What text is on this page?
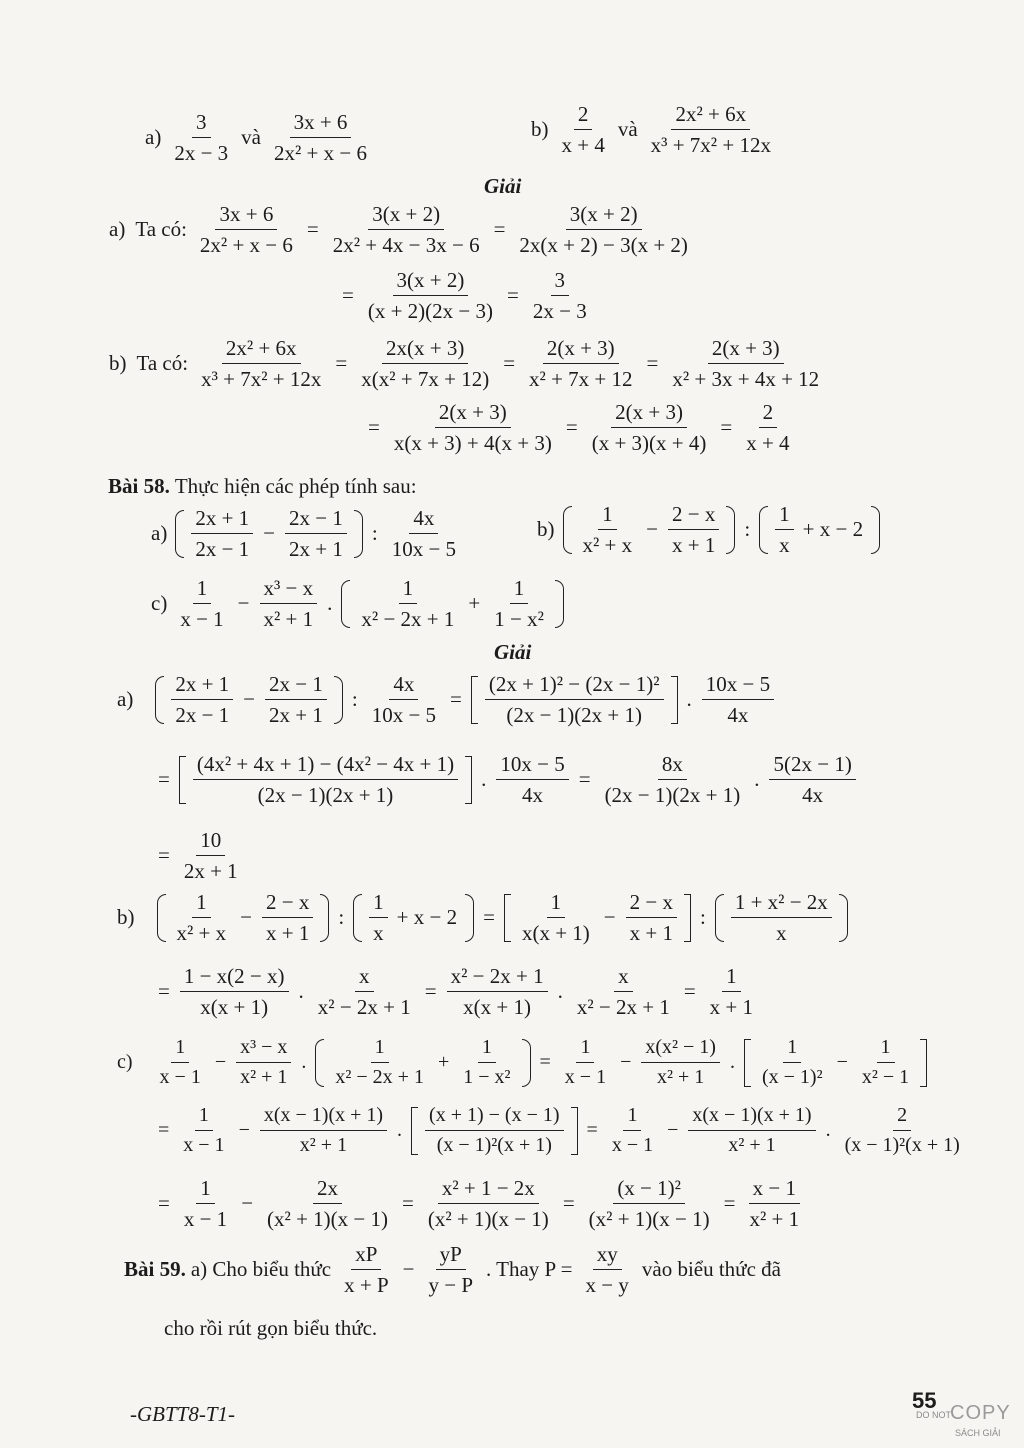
$a) \frac{3}{2x - 3}$ và $\frac{3x + 6}{\text{2x² + x − 6}}$	$b) \frac{2}{x + 4}$ và $\frac{\text{2x² + 6x}}{\text{x³ + 7x² + 12x}}$
Giải
a) Ta có: $\frac{3x + 6}{\text{2x² + x − 6}} = \frac{3(x + 2)}{\text{2x² + 4x − 3x − 6}} = \frac{3(x + 2)}{2x(x + 2) - 3(x + 2)}$
= $\frac{3(x + 2)}{(x + 2)(2x - 3)} = \frac{3}{2x - 3}$
b) Ta có: $\frac{\text{2x² + 6x}}{\text{x³ + 7x² + 12x}} = \frac{2x(x + 3)}{\text{x(x² + 7x + 12)}} = \frac{2(x + 3)}{\text{x² + 7x + 12}} = \frac{2(x + 3)}{\text{x² + 3x + 4x + 12}}$
= $\frac{2(x + 3)}{x(x + 3) + 4(x + 3)} = \frac{2(x + 3)}{(x + 3)(x + 4)} = \frac{2}{x + 4}$
Bài 58. Thực hiện các phép tính sau:
$a) \frac{2x + 1}{2x - 1} - \frac{2x - 1}{2x + 1}$ : $\frac{4x}{10x - 5}$	$b) \frac{1}{\text{x² + x}} - \frac{2 - x}{x + 1}$ : $\frac{1}{x} + x - 2$
$c) \frac{1}{x - 1} - \frac{\text{x³ − x}}{\text{x² + 1}}$ . $\frac{1}{\text{x² − 2x + 1}} + \frac{1}{\text{1 − x²}}$
Giải
$a) \frac{2x + 1}{2x - 1} - \frac{2x - 1}{2x + 1}$ : $\frac{4x}{10x - 5} = \frac{\text{(2x + 1)² − (2x − 1)²}}{(2x - 1)(2x + 1)}$ . $\frac{10x - 5}{4x}$
= $\frac{\text{(4x² + 4x + 1) − (4x² − 4x + 1)}}{(2x - 1)(2x + 1)}$ . $\frac{10x - 5}{4x} = \frac{8x}{(2x - 1)(2x + 1)}$ . $\frac{5(2x - 1)}{4x}$
= $\frac{10}{2x + 1}$
$b) \frac{1}{\text{x² + x}} - \frac{2 - x}{x + 1}$ : $\frac{1}{x} + x - 2 = \frac{1}{x(x + 1)} - \frac{2 - x}{x + 1}$ : $\frac{\text{1 + x² − 2x}}{x}$
= $\frac{1 - x(2 - x)}{x(x + 1)}$ . $\frac{x}{\text{x² − 2x + 1}} = \frac{\text{x² − 2x + 1}}{x(x + 1)}$ . $\frac{x}{\text{x² − 2x + 1}} = \frac{1}{x + 1}$
$c) \frac{1}{x - 1} - \frac{\text{x³ − x}}{\text{x² + 1}}$ .	$\frac{1}{\text{x² − 2x + 1}} + \frac{1}{\text{1 − x²}}$	= $\frac{1}{x - 1} - \frac{\text{x(x² − 1)}}{\text{x² + 1}}$ .	$\frac{1}{\text{(x − 1)²}} - \frac{1}{\text{x² − 1}}$
= $\frac{1}{x - 1} - \frac{x(x - 1)(x + 1)}{\text{x² + 1}}$ .	$\frac{(x + 1) - (x - 1)}{\text{(x − 1)²(x + 1)}}$	= $\frac{1}{x - 1} - \frac{x(x - 1)(x + 1)}{\text{x² + 1}}$ . $\frac{2}{\text{(x − 1)²(x + 1)}}$
= $\frac{1}{x - 1} - \frac{2x}{\text{(x² + 1)(x − 1)}} = \frac{\text{x² + 1 − 2x}}{\text{(x² + 1)(x − 1)}} = \frac{\text{(x − 1)²}}{\text{(x² + 1)(x − 1)}} = \frac{x - 1}{\text{x² + 1}}$
Bài 59. a) Cho biểu thức $\frac{xP}{x + P} - \frac{yP}{y - P}$ . Thay $P = \frac{xy}{x - y}$ vào biểu thức đã
cho rồi rút gọn biểu thức.
-GBTT8-T1-
55
DO NOT COPY
SÁCH GIẢI
